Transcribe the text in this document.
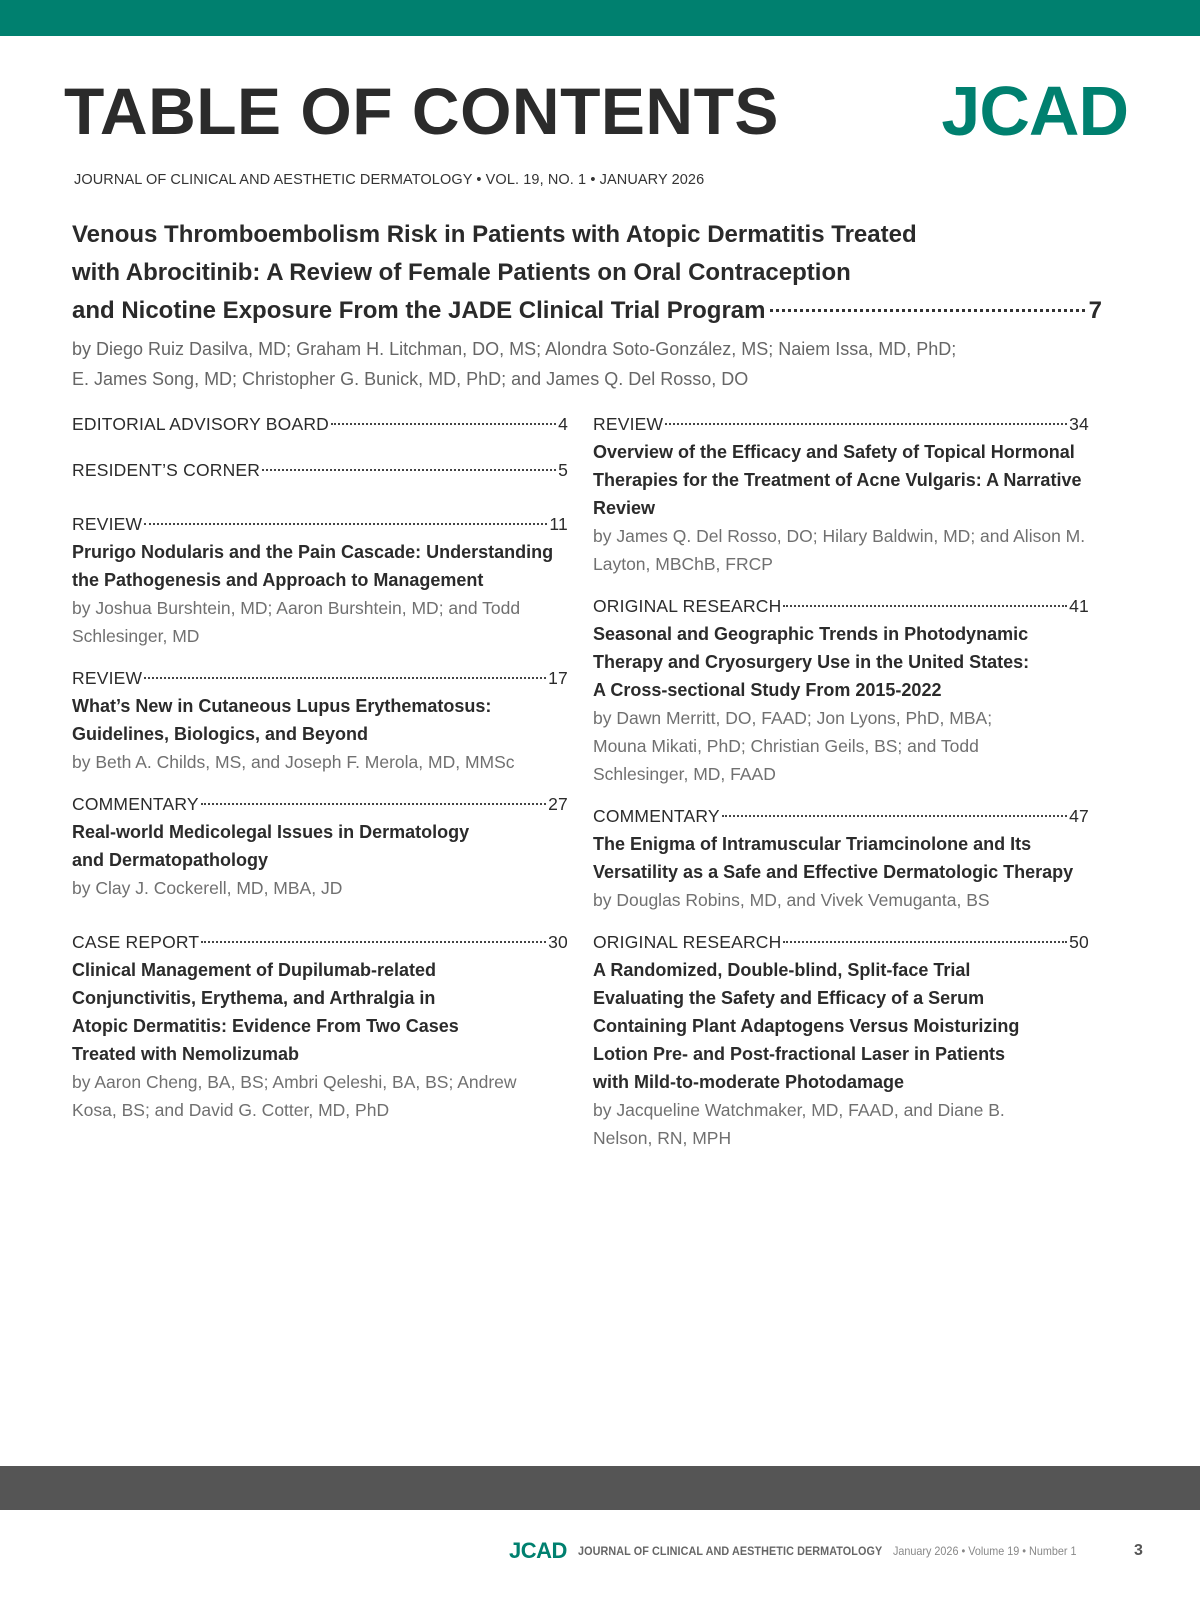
TABLE OF CONTENTS JCAD
JOURNAL OF CLINICAL AND AESTHETIC DERMATOLOGY • VOL. 19, NO. 1 • JANUARY 2026
Venous Thromboembolism Risk in Patients with Atopic Dermatitis Treated
with Abrocitinib: A Review of Female Patients on Oral Contraception
and Nicotine Exposure From the JADE Clinical Trial Program	7
by Diego Ruiz Dasilva, MD; Graham H. Litchman, DO, MS; Alondra Soto-González, MS; Naiem Issa, MD, PhD;
E. James Song, MD; Christopher G. Bunick, MD, PhD; and James Q. Del Rosso, DO
EDITORIAL ADVISORY BOARD	4
RESIDENT’S CORNER	5
REVIEW	11
Prurigo Nodularis and the Pain Cascade: Understanding the Pathogenesis and Approach to Management
by Joshua Burshtein, MD; Aaron Burshtein, MD; and Todd Schlesinger, MD
REVIEW	17
What’s New in Cutaneous Lupus Erythematosus: Guidelines, Biologics, and Beyond
by Beth A. Childs, MS, and Joseph F. Merola, MD, MMSc
COMMENTARY	27
Real-world Medicolegal Issues in Dermatology and Dermatopathology
by Clay J. Cockerell, MD, MBA, JD
CASE REPORT	30
Clinical Management of Dupilumab-related Conjunctivitis, Erythema, and Arthralgia in Atopic Dermatitis: Evidence From Two Cases Treated with Nemolizumab
by Aaron Cheng, BA, BS; Ambri Qeleshi, BA, BS; Andrew Kosa, BS; and David G. Cotter, MD, PhD
REVIEW	34
Overview of the Efficacy and Safety of Topical Hormonal Therapies for the Treatment of Acne Vulgaris: A Narrative Review
by James Q. Del Rosso, DO; Hilary Baldwin, MD; and Alison M. Layton, MBChB, FRCP
ORIGINAL RESEARCH	41
Seasonal and Geographic Trends in Photodynamic Therapy and Cryosurgery Use in the United States: A Cross-sectional Study From 2015-2022
by Dawn Merritt, DO, FAAD; Jon Lyons, PhD, MBA; Mouna Mikati, PhD; Christian Geils, BS; and Todd Schlesinger, MD, FAAD
COMMENTARY	47
The Enigma of Intramuscular Triamcinolone and Its Versatility as a Safe and Effective Dermatologic Therapy
by Douglas Robins, MD, and Vivek Vemuganta, BS
ORIGINAL RESEARCH	50
A Randomized, Double-blind, Split-face Trial Evaluating the Safety and Efficacy of a Serum Containing Plant Adaptogens Versus Moisturizing Lotion Pre- and Post-fractional Laser in Patients with Mild-to-moderate Photodamage
by Jacqueline Watchmaker, MD, FAAD, and Diane B. Nelson, RN, MPH
JCAD JOURNAL OF CLINICAL AND AESTHETIC DERMATOLOGY January 2026 • Volume 19 • Number 1	3
